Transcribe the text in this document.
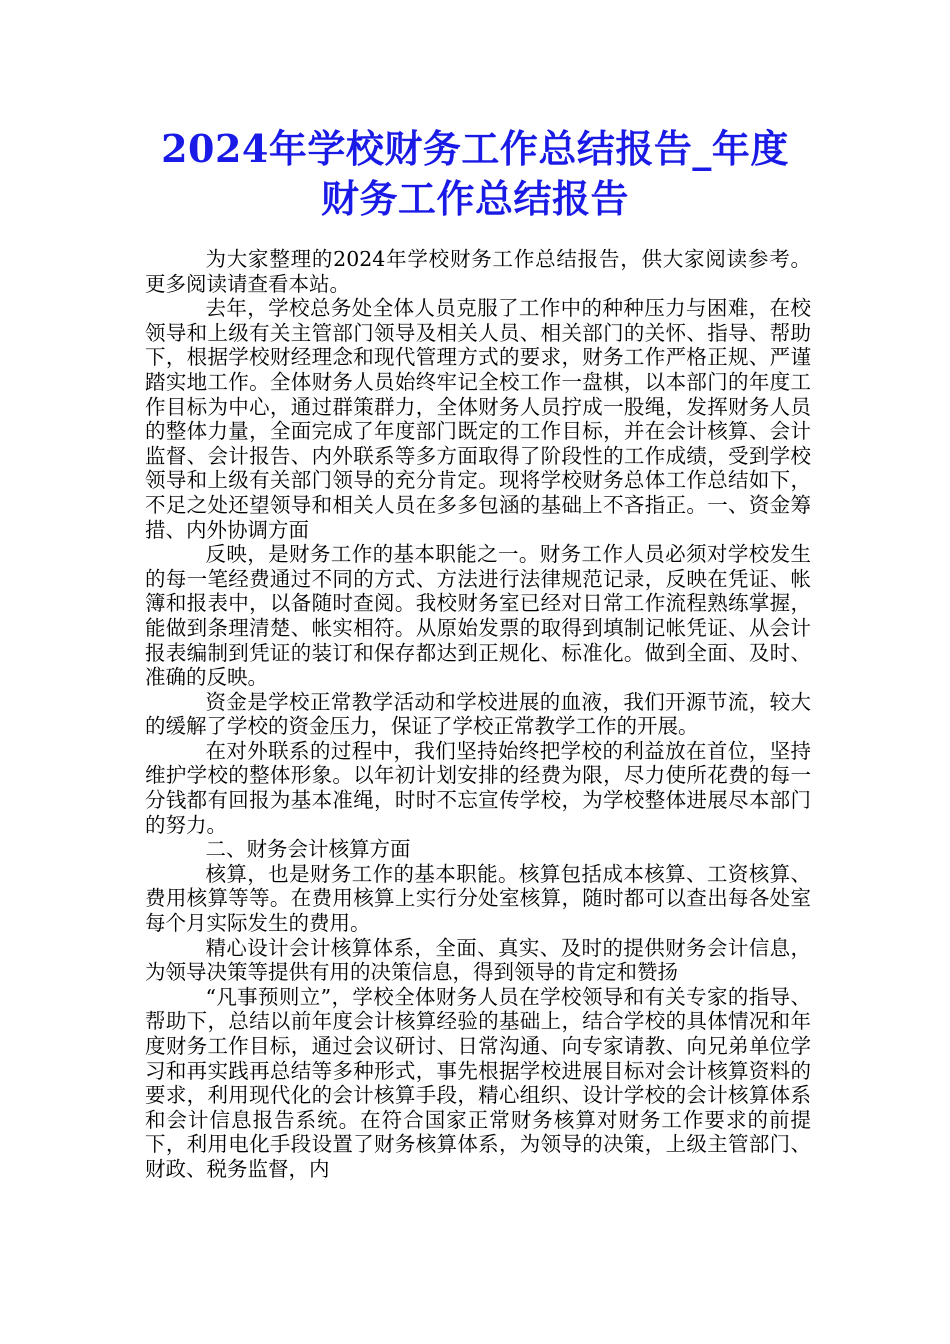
2024年学校财务工作总结报告_年度
财务工作总结报告

为大家整理的2024年学校财务工作总结报告，供大家阅读参考。更多阅读请查看本站。

去年，学校总务处全体人员克服了工作中的种种压力与困难，在校领导和上级有关主管部门领导及相关人员、相关部门的关怀、指导、帮助下，根据学校财经理念和现代管理方式的要求，财务工作严格正规、严谨踏实地工作。全体财务人员始终牢记全校工作一盘棋，以本部门的年度工作目标为中心，通过群策群力，全体财务人员拧成一股绳，发挥财务人员的整体力量，全面完成了年度部门既定的工作目标，并在会计核算、会计监督、会计报告、内外联系等多方面取得了阶段性的工作成绩，受到学校领导和上级有关部门领导的充分肯定。现将学校财务总体工作总结如下，不足之处还望领导和相关人员在多多包涵的基础上不吝指正。一、资金筹措、内外协调方面

反映，是财务工作的基本职能之一。财务工作人员必须对学校发生的每一笔经费通过不同的方式、方法进行法律规范记录，反映在凭证、帐簿和报表中，以备随时查阅。我校财务室已经对日常工作流程熟练掌握，能做到条理清楚、帐实相符。从原始发票的取得到填制记帐凭证、从会计报表编制到凭证的装订和保存都达到正规化、标准化。做到全面、及时、准确的反映。

资金是学校正常教学活动和学校进展的血液，我们开源节流，较大的缓解了学校的资金压力，保证了学校正常教学工作的开展。

在对外联系的过程中，我们坚持始终把学校的利益放在首位，坚持维护学校的整体形象。以年初计划安排的经费为限，尽力使所花费的每一分钱都有回报为基本准绳，时时不忘宣传学校，为学校整体进展尽本部门的努力。

二、财务会计核算方面

核算，也是财务工作的基本职能。核算包括成本核算、工资核算、费用核算等等。在费用核算上实行分处室核算，随时都可以查出每各处室每个月实际发生的费用。

精心设计会计核算体系，全面、真实、及时的提供财务会计信息，为领导决策等提供有用的决策信息，得到领导的肯定和赞扬

“凡事预则立”，学校全体财务人员在学校领导和有关专家的指导、帮助下，总结以前年度会计核算经验的基础上，结合学校的具体情况和年度财务工作目标，通过会议研讨、日常沟通、向专家请教、向兄弟单位学习和再实践再总结等多种形式，事先根据学校进展目标对会计核算资料的要求，利用现代化的会计核算手段，精心组织、设计学校的会计核算体系和会计信息报告系统。在符合国家正常财务核算对财务工作要求的前提下，利用电化手段设置了财务核算体系，为领导的决策，上级主管部门、财政、税务监督，内
